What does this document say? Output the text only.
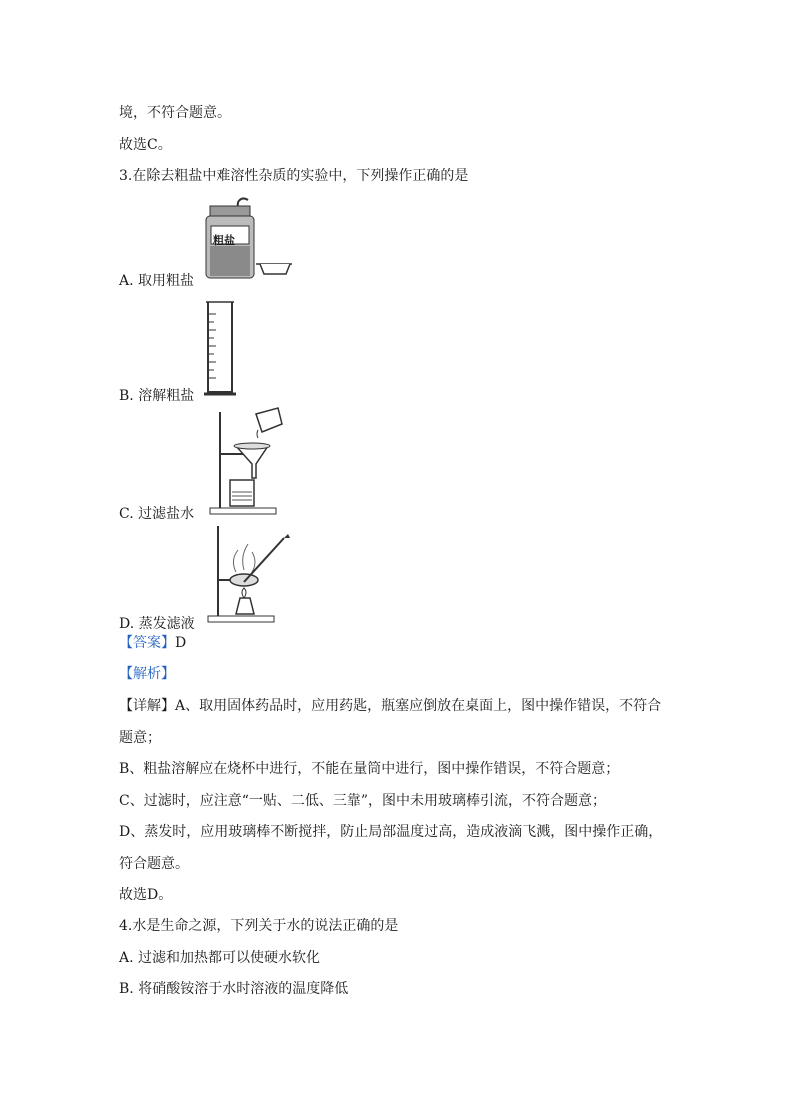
境，不符合题意。
故选C。
3.在除去粗盐中难溶性杂质的实验中，下列操作正确的是
粗盐
A. 取用粗盐
B. 溶解粗盐
C. 过滤盐水
D. 蒸发滤液
【答案】D
【解析】
【详解】A、取用固体药品时，应用药匙，瓶塞应倒放在桌面上，图中操作错误，不符合
题意；
B、粗盐溶解应在烧杯中进行，不能在量筒中进行，图中操作错误，不符合题意；
C、过滤时，应注意“一贴、二低、三靠”，图中未用玻璃棒引流，不符合题意；
D、蒸发时，应用玻璃棒不断搅拌，防止局部温度过高，造成液滴飞溅，图中操作正确，
符合题意。
故选D。
4.水是生命之源，下列关于水的说法正确的是
A. 过滤和加热都可以使硬水软化
B. 将硝酸铵溶于水时溶液的温度降低
